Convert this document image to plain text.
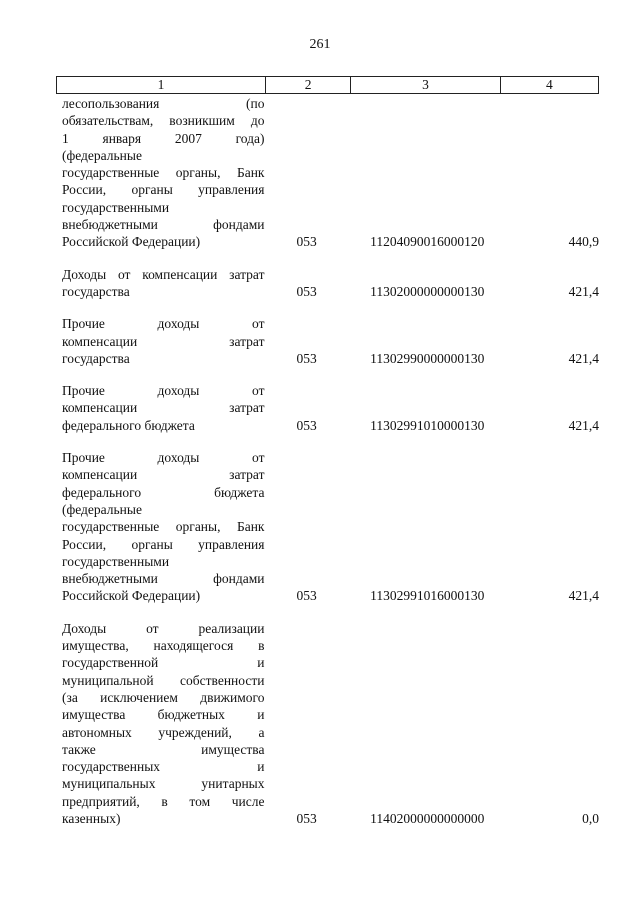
261
1	2	3	4
лесопользования (по
обязательствам, возникшим до
1 января 2007 года)
(федеральные
государственные органы, Банк
России, органы управления
государственными
внебюджетными фондами
Российской Федерации)	053	11204090016000120	440,9
Доходы от компенсации затрат
государства	053	11302000000000130	421,4
Прочие доходы от
компенсации затрат
государства	053	11302990000000130	421,4
Прочие доходы от
компенсации затрат
федерального бюджета	053	11302991010000130	421,4
Прочие доходы от
компенсации затрат
федерального бюджета
(федеральные
государственные органы, Банк
России, органы управления
государственными
внебюджетными фондами
Российской Федерации)	053	11302991016000130	421,4
Доходы от реализации
имущества, находящегося в
государственной и
муниципальной собственности
(за исключением движимого
имущества бюджетных и
автономных учреждений, а
также имущества
государственных и
муниципальных унитарных
предприятий, в том числе
казенных)	053	11402000000000000	0,0
